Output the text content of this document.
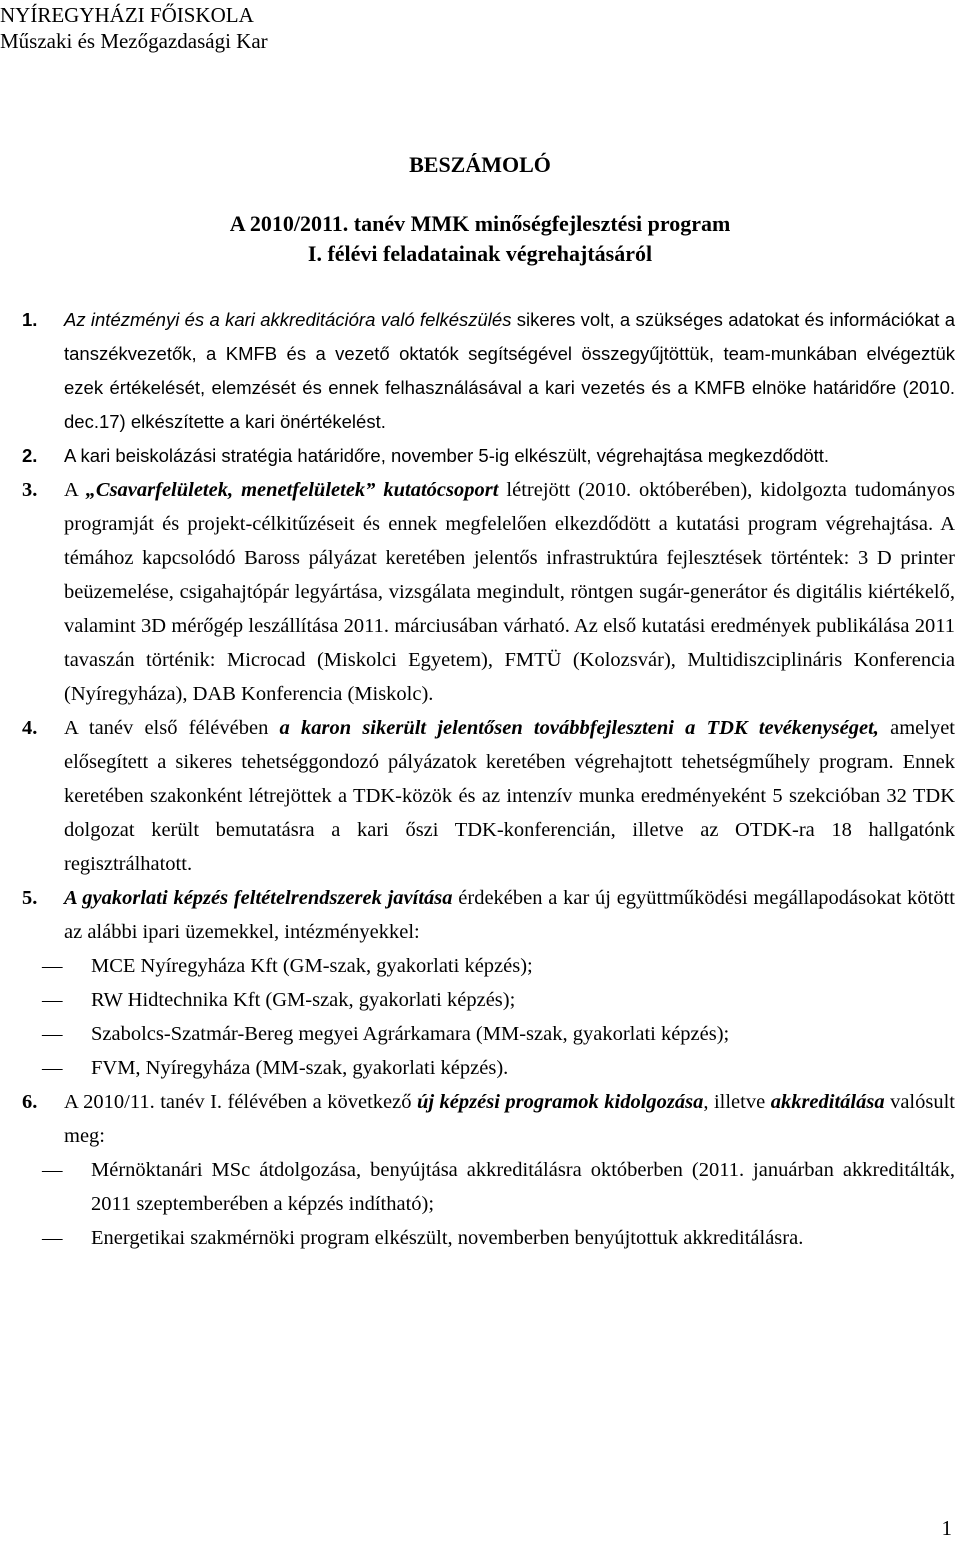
NYÍREGYHÁZI FŐISKOLA
Műszaki és Mezőgazdasági Kar
BESZÁMOLÓ
A 2010/2011. tanév MMK minőségfejlesztési program
I. félévi feladatainak végrehajtásáról
1. Az intézményi és a kari akkreditációra való felkészülés sikeres volt, a szükséges adatokat és információkat a tanszékvezetők, a KMFB és a vezető oktatók segítségével összegyűjtöttük, team-munkában elvégeztük ezek értékelését, elemzését és ennek felhasználásával a kari vezetés és a KMFB elnöke határidőre (2010. dec.17) elkészítette a kari önértékelést.
2. A kari beiskolázási stratégia határidőre, november 5-ig elkészült, végrehajtása megkezdődött.
3. A „Csavarfelületek, menetfelületek” kutatócsoport létrejött (2010. októberében), kidolgozta tudományos programját és projekt-célkitűzéseit és ennek megfelelően elkezdődött a kutatási program végrehajtása. A témához kapcsolódó Baross pályázat keretében jelentős infrastruktúra fejlesztések történtek: 3 D printer beüzemelése, csigahajtópár legyártása, vizsgálata megindult, röntgen sugár-generátor és digitális kiértékelő, valamint 3D mérőgép leszállítása 2011. márciusában várható. Az első kutatási eredmények publikálása 2011 tavaszán történik: Microcad (Miskolci Egyetem), FMTÜ (Kolozsvár), Multidiszciplináris Konferencia (Nyíregyháza), DAB Konferencia (Miskolc).
4. A tanév első félévében a karon sikerült jelentősen továbbfejleszteni a TDK tevékenységet, amelyet elősegített a sikeres tehetséggondozó pályázatok keretében végrehajtott tehetségműhely program. Ennek keretében szakonként létrejöttek a TDK-közök és az intenzív munka eredményeként 5 szekcióban 32 TDK dolgozat került bemutatásra a kari őszi TDK-konferencián, illetve az OTDK-ra 18 hallgatónk regisztrálhatott.
5. A gyakorlati képzés feltételrendszerek javítása érdekében a kar új együttműködési megállapodásokat kötött az alábbi ipari üzemekkel, intézményekkel:
— MCE Nyíregyháza Kft (GM-szak, gyakorlati képzés);
— RW Hidtechnika Kft (GM-szak, gyakorlati képzés);
— Szabolcs-Szatmár-Bereg megyei Agrárkamara (MM-szak, gyakorlati képzés);
— FVM, Nyíregyháza (MM-szak, gyakorlati képzés).
6. A 2010/11. tanév I. félévében a következő új képzési programok kidolgozása, illetve akkreditálása valósult meg:
— Mérnöktanári MSc átdolgozása, benyújtása akkreditálásra októberben (2011. januárban akkreditálták, 2011 szeptemberében a képzés indítható);
— Energetikai szakmérnöki program elkészült, novemberben benyújtottuk akkreditálásra.
1
